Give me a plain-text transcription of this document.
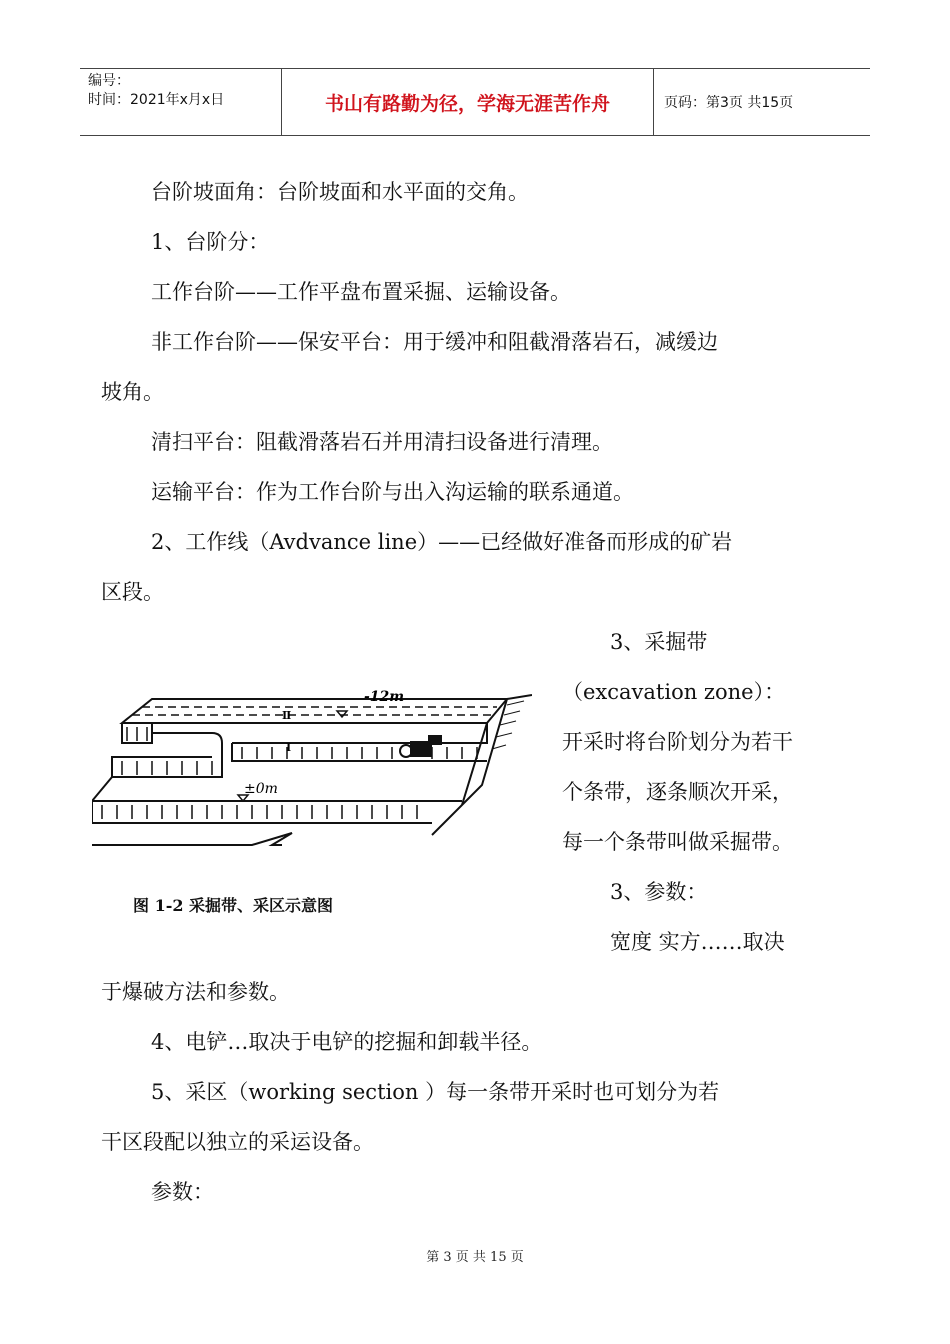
编号：
时间：2021年x月x日	书山有路勤为径，学海无涯苦作舟	页码：第3页 共15页

台阶坡面角：台阶坡面和水平面的交角。

1、台阶分：

工作台阶——工作平盘布置采掘、运输设备。

非工作台阶——保安平台：用于缓冲和阻截滑落岩石，减缓边

坡角。

清扫平台：阻截滑落岩石并用清扫设备进行清理。

运输平台：作为工作台阶与出入沟运输的联系通道。

2、工作线（Avdvance line）——已经做好准备而形成的矿岩

区段。

3、采掘带

（excavation zone）：

开采时将台阶划分为若干

个条带，逐条顺次开采，

每一个条带叫做采掘带。

3、参数：

宽度 实方……取决

-12m
±0m
Ⅱ
Ⅰ
图 1-2 采掘带、采区示意图

于爆破方法和参数。

4、电铲…取决于电铲的挖掘和卸载半径。

5、采区（working section ）每一条带开采时也可划分为若

干区段配以独立的采运设备。

参数：

第 3 页 共 15 页
